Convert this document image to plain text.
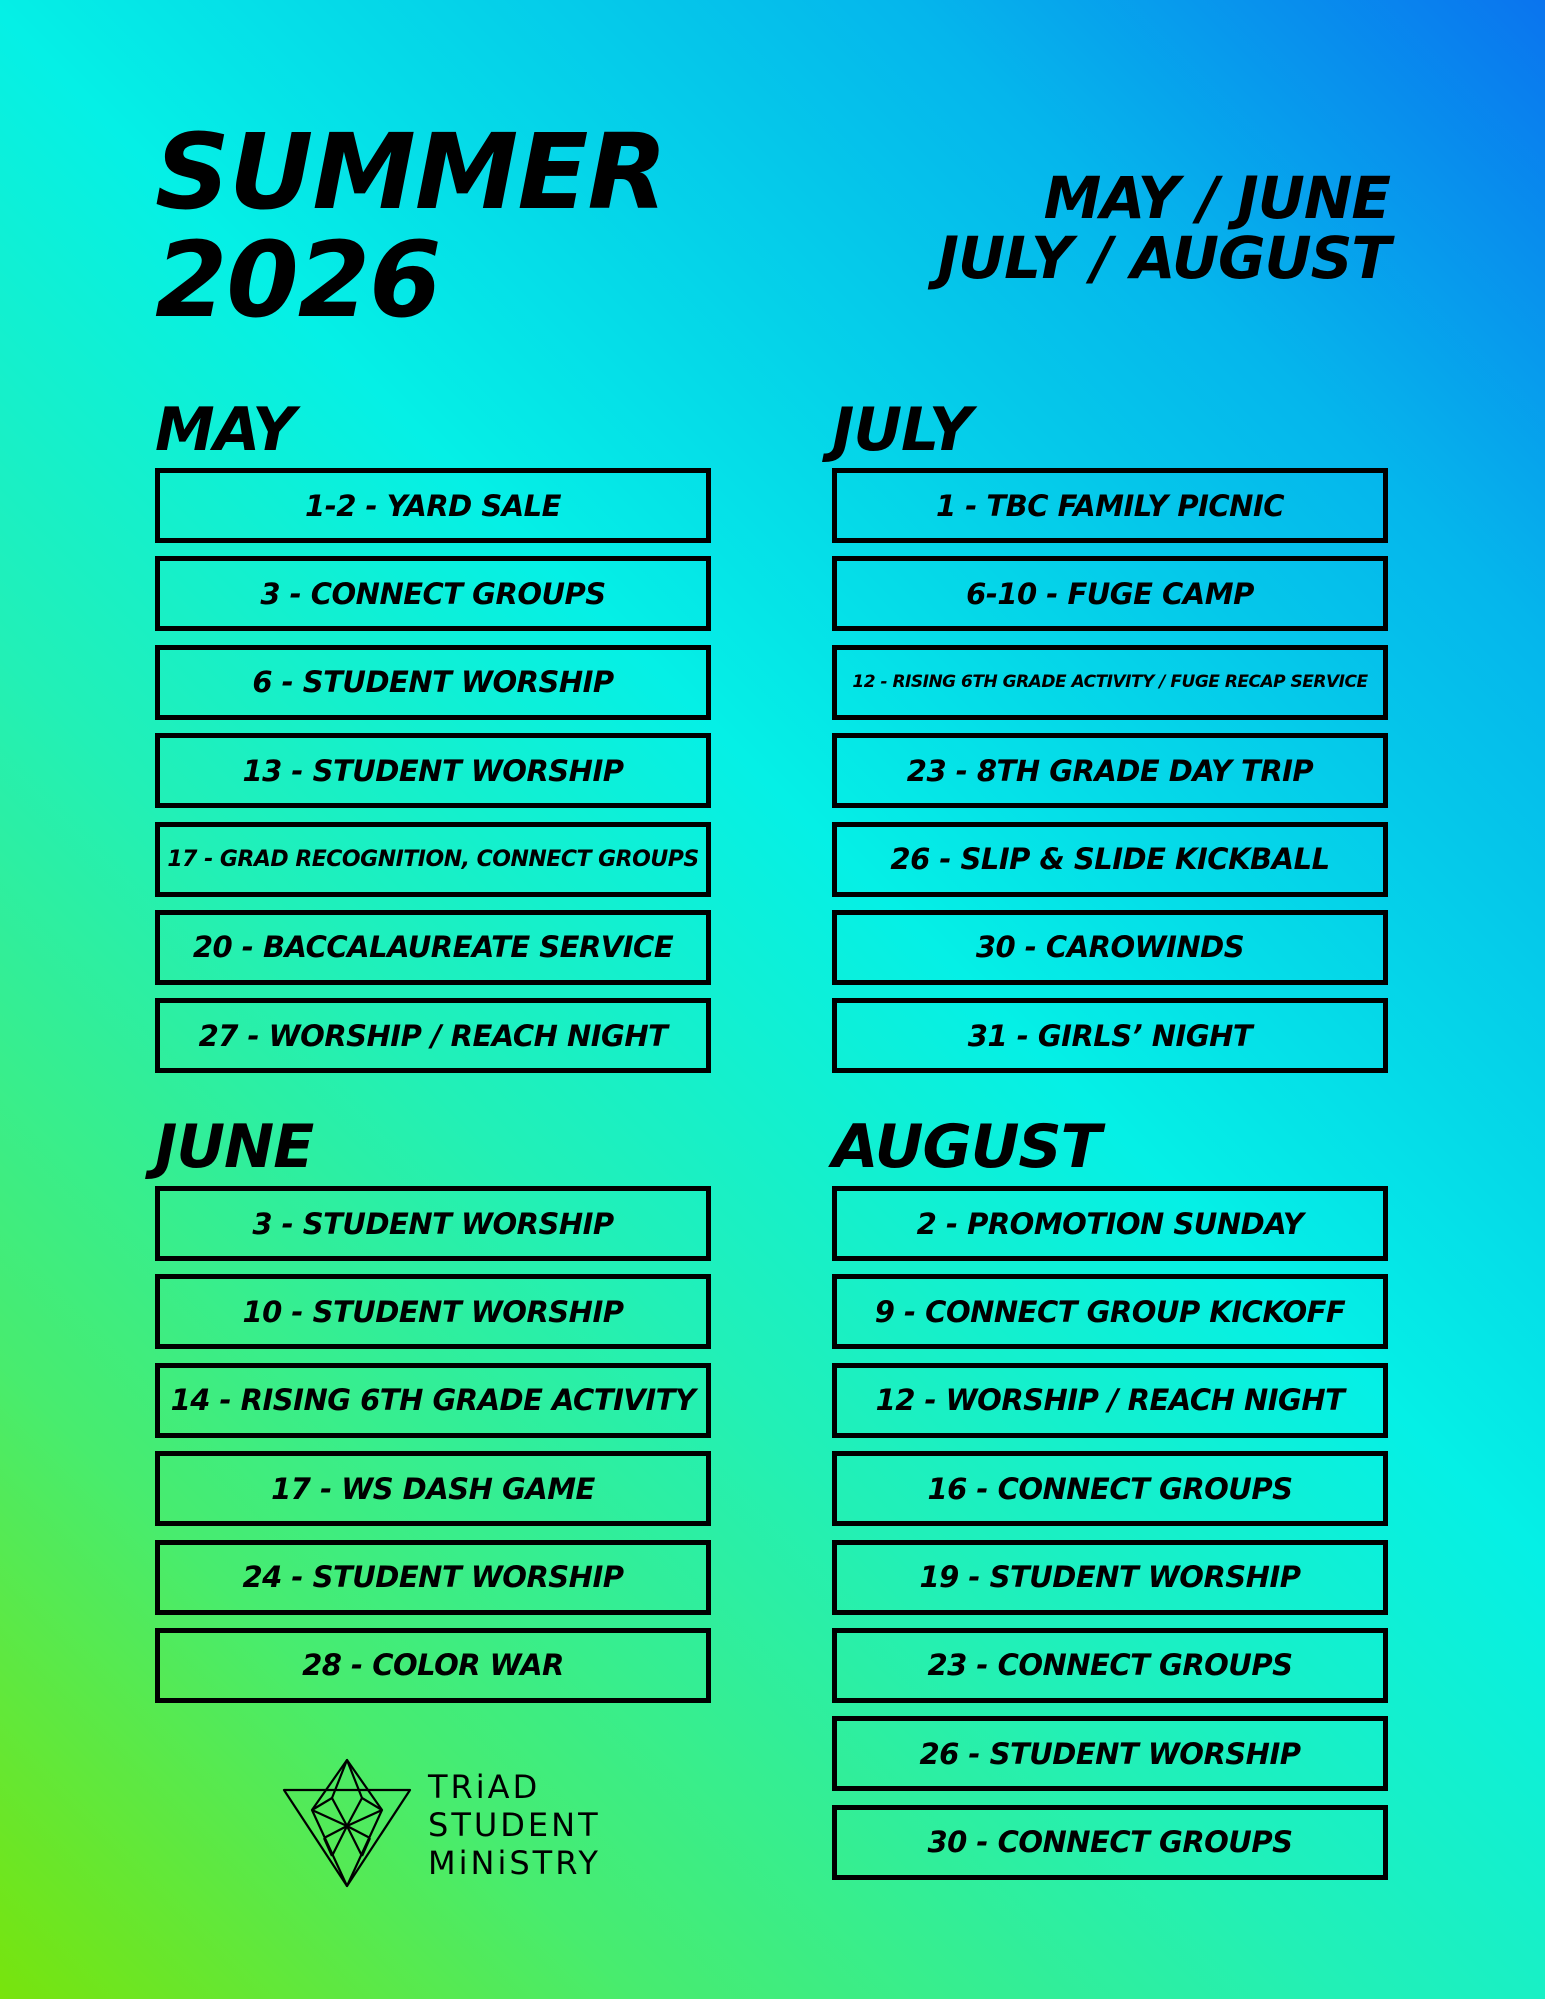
SUMMER
2026
MAY / JUNE
JULY / AUGUST
MAY
1-2 - YARD SALE
3 - CONNECT GROUPS
6 - STUDENT WORSHIP
13 - STUDENT WORSHIP
17 - GRAD RECOGNITION, CONNECT GROUPS
20 - BACCALAUREATE SERVICE
27 - WORSHIP / REACH NIGHT
JUNE
3 - STUDENT WORSHIP
10 - STUDENT WORSHIP
14 - RISING 6TH GRADE ACTIVITY
17 - WS DASH GAME
24 - STUDENT WORSHIP
28 - COLOR WAR
JULY
1 - TBC FAMILY PICNIC
6-10 - FUGE CAMP
12 - RISING 6TH GRADE ACTIVITY / FUGE RECAP SERVICE
23 - 8TH GRADE DAY TRIP
26 - SLIP & SLIDE KICKBALL
30 - CAROWINDS
31 - GIRLS’ NIGHT
AUGUST
2 - PROMOTION SUNDAY
9 - CONNECT GROUP KICKOFF
12 - WORSHIP / REACH NIGHT
16 - CONNECT GROUPS
19 - STUDENT WORSHIP
23 - CONNECT GROUPS
26 - STUDENT WORSHIP
30 - CONNECT GROUPS
TRiAD
STUDENT
MiNiSTRY
